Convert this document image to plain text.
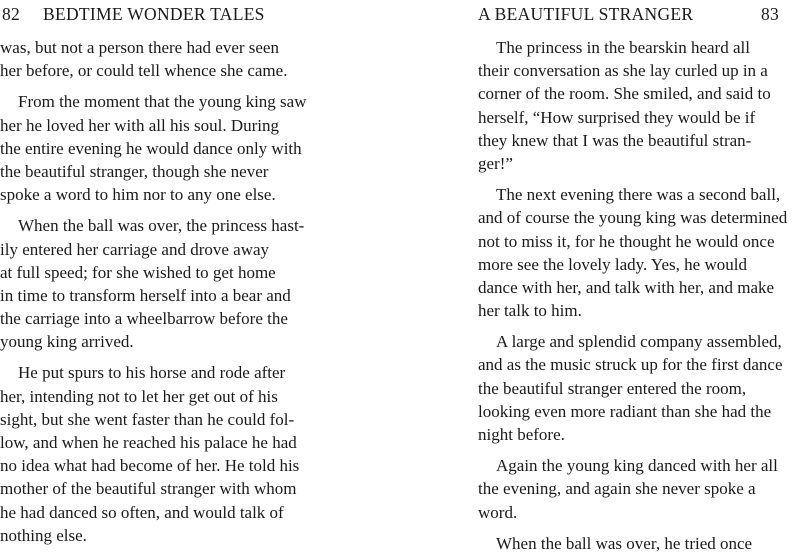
82 BEDTIME WONDER TALES
was, but not a person there had ever seen
her before, or could tell whence she came.
From the moment that the young king saw
her he loved her with all his soul. During
the entire evening he would dance only with
the beautiful stranger, though she never
spoke a word to him nor to any one else.
When the ball was over, the princess hast-
ily entered her carriage and drove away
at full speed; for she wished to get home
in time to transform herself into a bear and
the carriage into a wheelbarrow before the
young king arrived.
He put spurs to his horse and rode after
her, intending not to let her get out of his
sight, but she went faster than he could fol-
low, and when he reached his palace he had
no idea what had become of her. He told his
mother of the beautiful stranger with whom
he had danced so often, and would talk of
nothing else.
A BEAUTIFUL STRANGER	83
The princess in the bearskin heard all
their conversation as she lay curled up in a
corner of the room. She smiled, and said to
herself, “How surprised they would be if
they knew that I was the beautiful stran-
ger!”
The next evening there was a second ball,
and of course the young king was determined
not to miss it, for he thought he would once
more see the lovely lady. Yes, he would
dance with her, and talk with her, and make
her talk to him.
A large and splendid company assembled,
and as the music struck up for the first dance
the beautiful stranger entered the room,
looking even more radiant than she had the
night before.
Again the young king danced with her all
the evening, and again she never spoke a
word.
When the ball was over, he tried once
